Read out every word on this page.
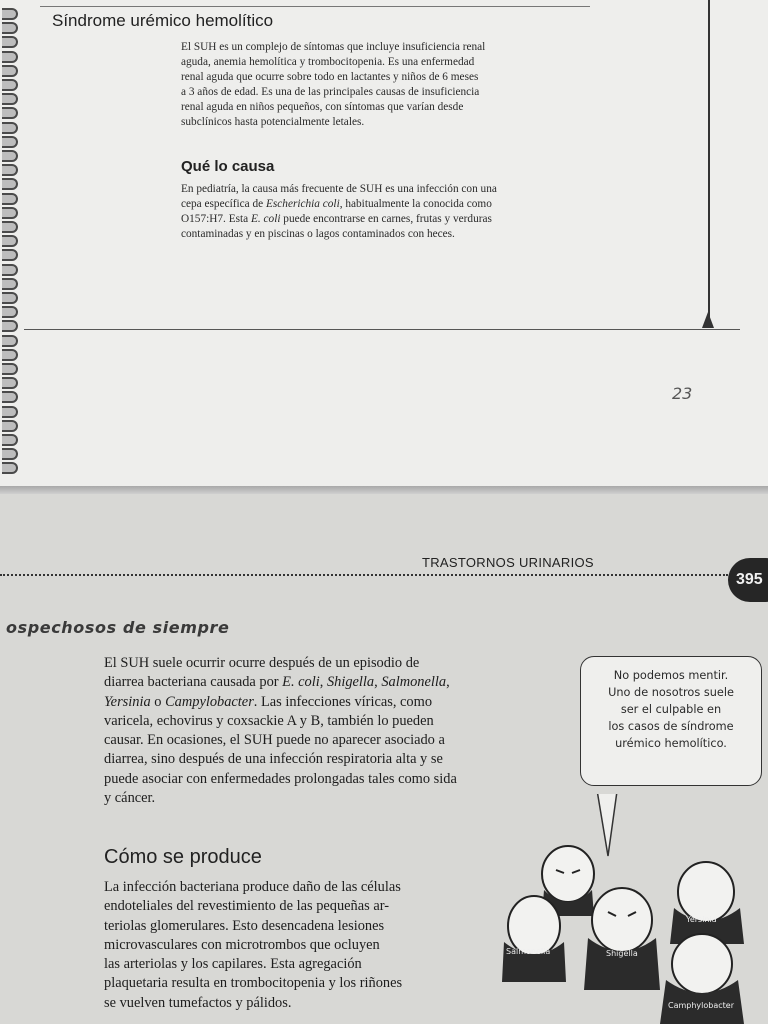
Síndrome urémico hemolítico

El SUH es un complejo de síntomas que incluye insuficiencia renal
aguda, anemia hemolítica y trombocitopenia. Es una enfermedad
renal aguda que ocurre sobre todo en lactantes y niños de 6 meses
a 3 años de edad. Es una de las principales causas de insuficiencia
renal aguda en niños pequeños, con síntomas que varían desde
subclínicos hasta potencialmente letales.

Qué lo causa

En pediatría, la causa más frecuente de SUH es una infección con una
cepa específica de Escherichia coli, habitualmente la conocida como
O157:H7. Esta E. coli puede encontrarse en carnes, frutas y verduras
contaminadas y en piscinas o lagos contaminados con heces.

23

TRASTORNOS URINARIOS

395

ospechosos de siempre

El SUH suele ocurrir ocurre después de un episodio de
diarrea bacteriana causada por E. coli, Shigella, Salmonella,
Yersinia o Campylobacter. Las infecciones víricas, como
varicela, echovirus y coxsackie A y B, también lo pueden
causar. En ocasiones, el SUH puede no aparecer asociado a
diarrea, sino después de una infección respiratoria alta y se
puede asociar con enfermedades prolongadas tales como sida
y cáncer.

Cómo se produce

La infección bacteriana produce daño de las células
endoteliales del revestimiento de las pequeñas ar-
teriolas glomerulares. Esto desencadena lesiones
microvasculares con microtrombos que ocluyen
las arteriolas y los capilares. Esta agregación
plaquetaria resulta en trombocitopenia y los riñones
se vuelven tumefactos y pálidos.

No podemos mentir.
Uno de nosotros suele
ser el culpable en
los casos de síndrome
urémico hemolítico.

Yersinia
Salmonella	Shigella
Camphylobacter
